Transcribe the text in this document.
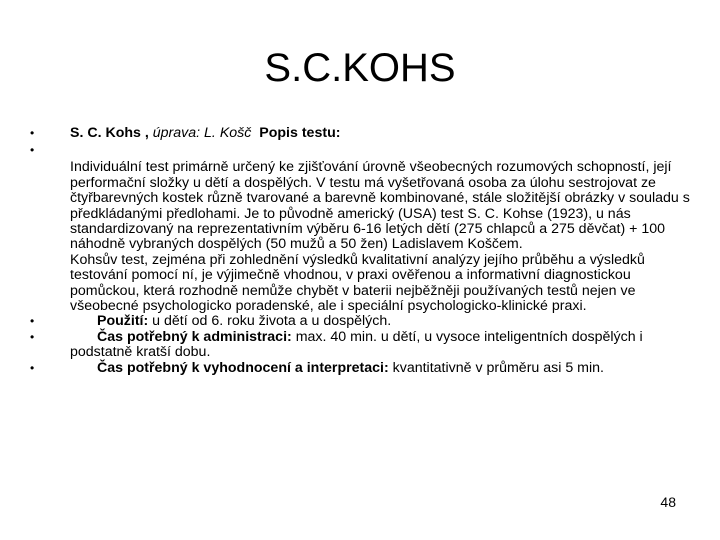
S.C.KOHS
•	S. C. Kohs , úprava: L. Košč Popis testu:
•
Individuální test primárně určený ke zjišťování úrovně všeobecných rozumových schopností, její performační složky u dětí a dospělých. V testu má vyšetřovaná osoba za úlohu sestrojovat ze čtyřbarevných kostek různě tvarované a barevně kombinované, stále složitější obrázky v souladu s předkládanými předlohami. Je to původně americký (USA) test S. C. Kohse (1923), u nás standardizovaný na reprezentativním výběru 6-16 letých dětí (275 chlapců a 275 děvčat) + 100 náhodně vybraných dospělých (50 mužů a 50 žen) Ladislavem Koščem.
Kohsův test, zejména při zohlednění výsledků kvalitativní analýzy jejího průběhu a výsledků testování pomocí ní, je výjimečně vhodnou, v praxi ověřenou a informativní diagnostickou pomůckou, která rozhodně nemůže chybět v baterii nejběžněji používaných testů nejen ve všeobecné psychologicko poradenské, ale i speciální psychologicko-klinické praxi.
•	Použití: u dětí od 6. roku života a u dospělých.
•	Čas potřebný k administraci: max. 40 min. u dětí, u vysoce inteligentních dospělých i podstatně kratší dobu.
•	Čas potřebný k vyhodnocení a interpretaci: kvantitativně v průměru asi 5 min.
48
